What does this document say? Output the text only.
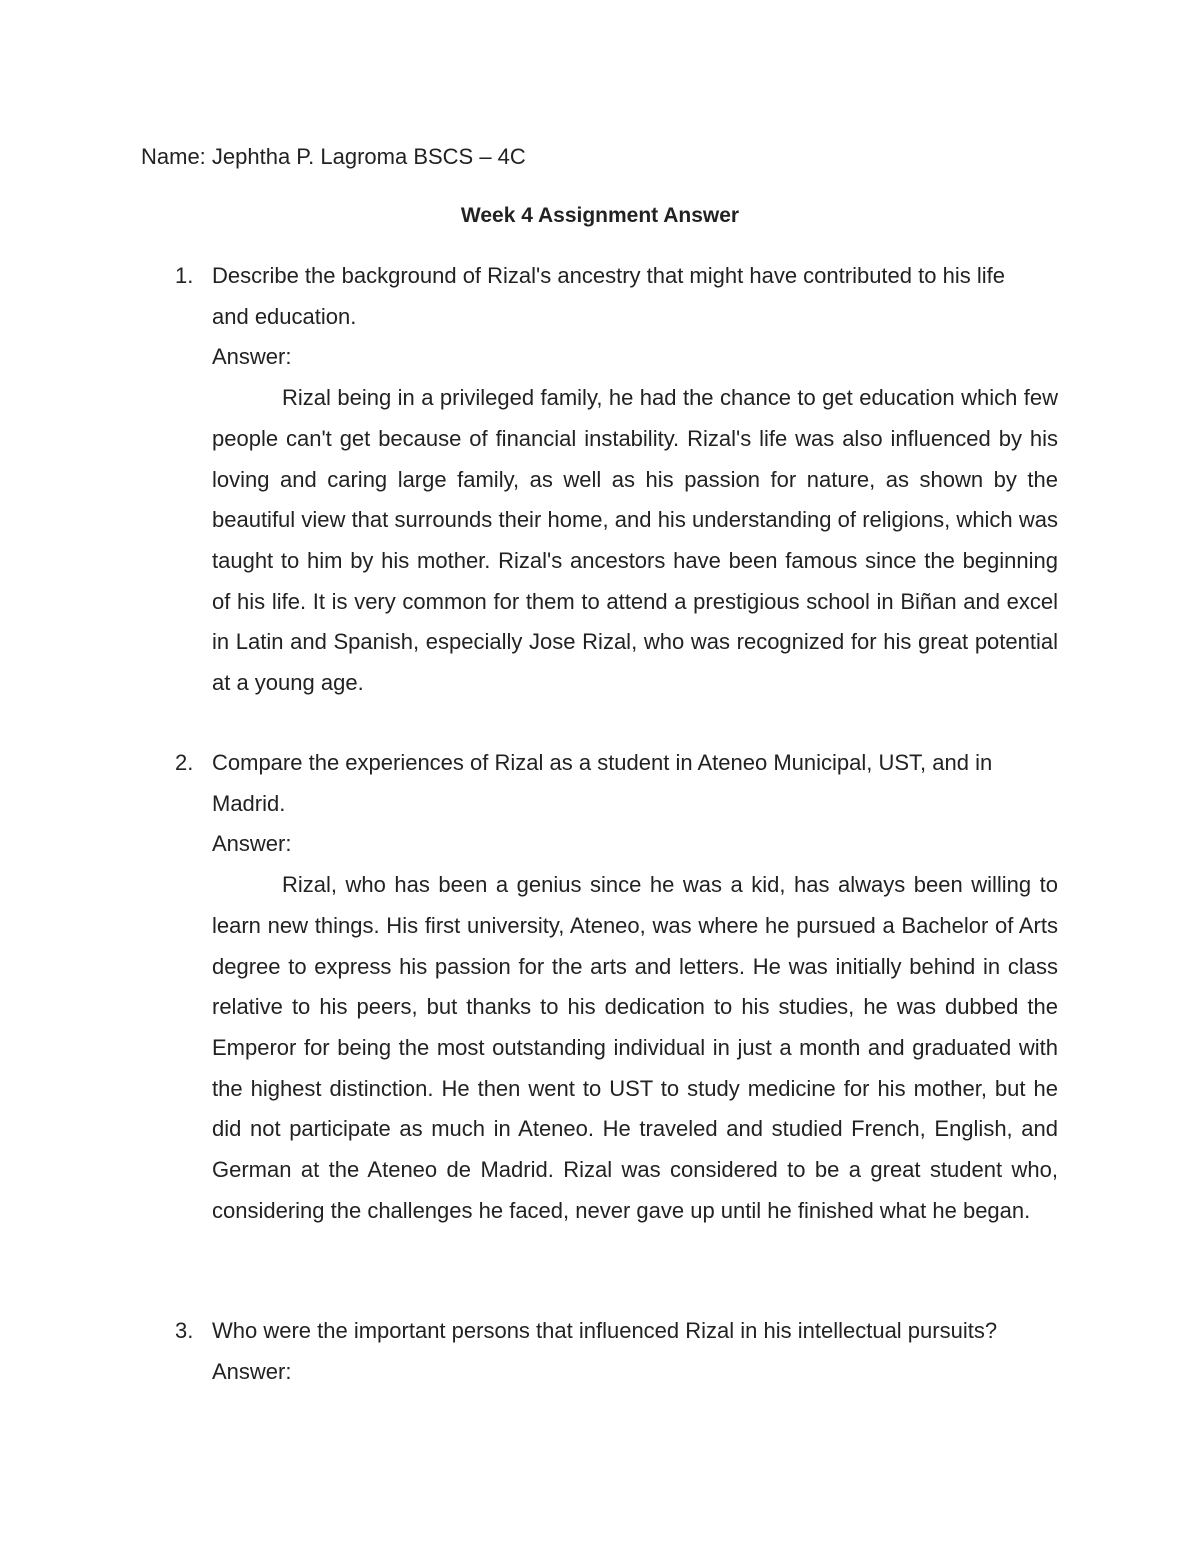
Name: Jephtha P. Lagroma BSCS – 4C
Week 4 Assignment Answer
1. Describe the background of Rizal's ancestry that might have contributed to his life and education.

Answer:

Rizal being in a privileged family, he had the chance to get education which few people can't get because of financial instability. Rizal's life was also influenced by his loving and caring large family, as well as his passion for nature, as shown by the beautiful view that surrounds their home, and his understanding of religions, which was taught to him by his mother. Rizal's ancestors have been famous since the beginning of his life. It is very common for them to attend a prestigious school in Biñan and excel in Latin and Spanish, especially Jose Rizal, who was recognized for his great potential at a young age.

2. Compare the experiences of Rizal as a student in Ateneo Municipal, UST, and in Madrid.

Answer:

Rizal, who has been a genius since he was a kid, has always been willing to learn new things. His first university, Ateneo, was where he pursued a Bachelor of Arts degree to express his passion for the arts and letters. He was initially behind in class relative to his peers, but thanks to his dedication to his studies, he was dubbed the Emperor for being the most outstanding individual in just a month and graduated with the highest distinction. He then went to UST to study medicine for his mother, but he did not participate as much in Ateneo. He traveled and studied French, English, and German at the Ateneo de Madrid. Rizal was considered to be a great student who, considering the challenges he faced, never gave up until he finished what he began.

3. Who were the important persons that influenced Rizal in his intellectual pursuits?

Answer:
